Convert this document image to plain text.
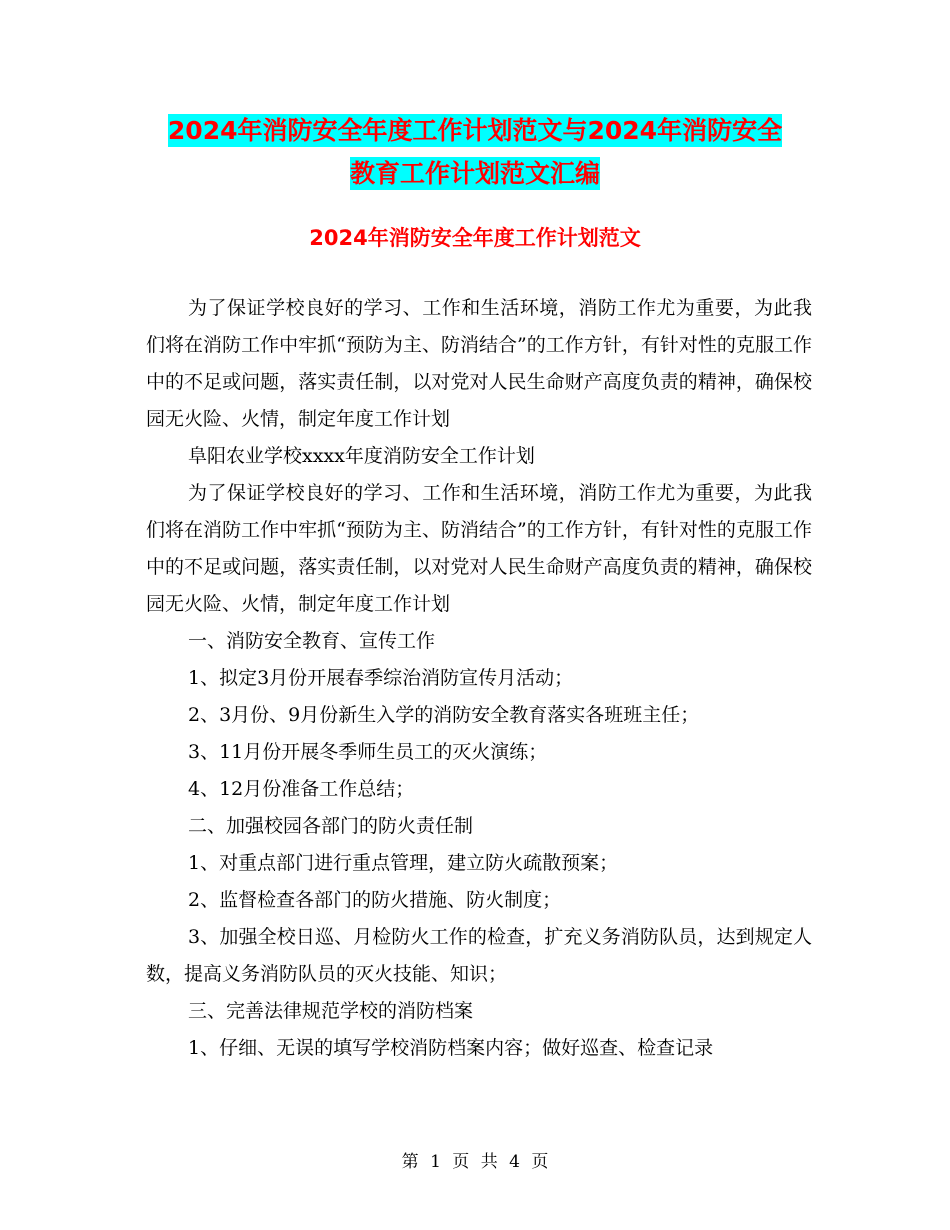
2024年消防安全年度工作计划范文与2024年消防安全
教育工作计划范文汇编
2024年消防安全年度工作计划范文

为了保证学校良好的学习、工作和生活环境，消防工作尤为重要，为此我们将在消防工作中牢抓“预防为主、防消结合”的工作方针，有针对性的克服工作中的不足或问题，落实责任制，以对党对人民生命财产高度负责的精神，确保校园无火险、火情，制定年度工作计划

阜阳农业学校xxxx年度消防安全工作计划

为了保证学校良好的学习、工作和生活环境，消防工作尤为重要，为此我们将在消防工作中牢抓“预防为主、防消结合”的工作方针，有针对性的克服工作中的不足或问题，落实责任制，以对党对人民生命财产高度负责的精神，确保校园无火险、火情，制定年度工作计划

一、消防安全教育、宣传工作

1、拟定3月份开展春季综治消防宣传月活动；

2、3月份、9月份新生入学的消防安全教育落实各班班主任；

3、11月份开展冬季师生员工的灭火演练；

4、12月份准备工作总结；

二、加强校园各部门的防火责任制

1、对重点部门进行重点管理，建立防火疏散预案；

2、监督检查各部门的防火措施、防火制度；

3、加强全校日巡、月检防火工作的检查，扩充义务消防队员，达到规定人数，提高义务消防队员的灭火技能、知识；

三、完善法律规范学校的消防档案

1、仔细、无误的填写学校消防档案内容；做好巡查、检查记录

第 1 页 共 4 页
